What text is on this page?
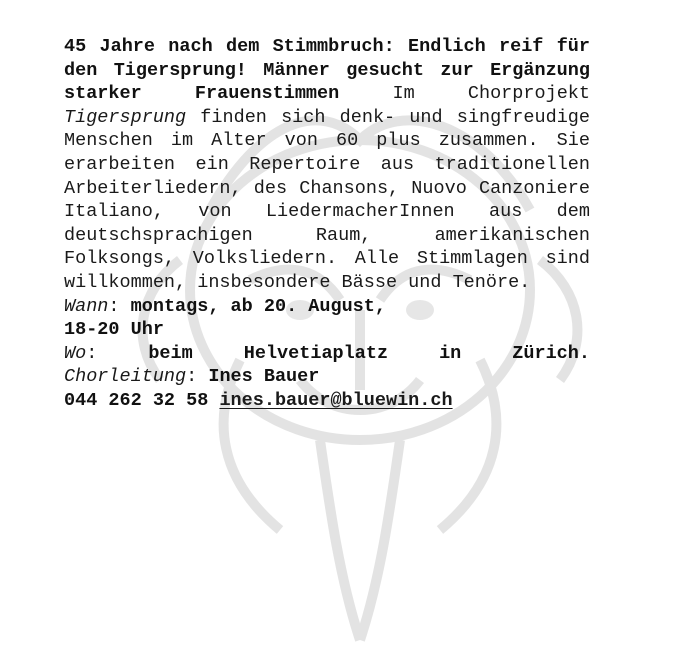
45 Jahre nach dem Stimmbruch: Endlich reif für den Tigersprung! Männer gesucht zur Ergänzung starker Frauenstimmen	Im Chorprojekt Tigersprung finden sich denk- und singfreudige Menschen im Alter von 60 plus zusammen. Sie erarbeiten ein Repertoire aus traditionellen Arbeiterliedern, des Chansons, Nuovo Canzoniere Italiano, von LiedermacherInnen aus dem deutschsprachigen Raum, amerikanischen Folksongs, Volksliedern. Alle Stimmlagen sind willkommen, insbesondere Bässe und Tenöre.

Wann: montags, ab 20. August,

18-20 Uhr

Wo: beim Helvetiaplatz in Zürich.

Chorleitung: Ines Bauer

044 262 32 58 ines.bauer@bluewin.ch
